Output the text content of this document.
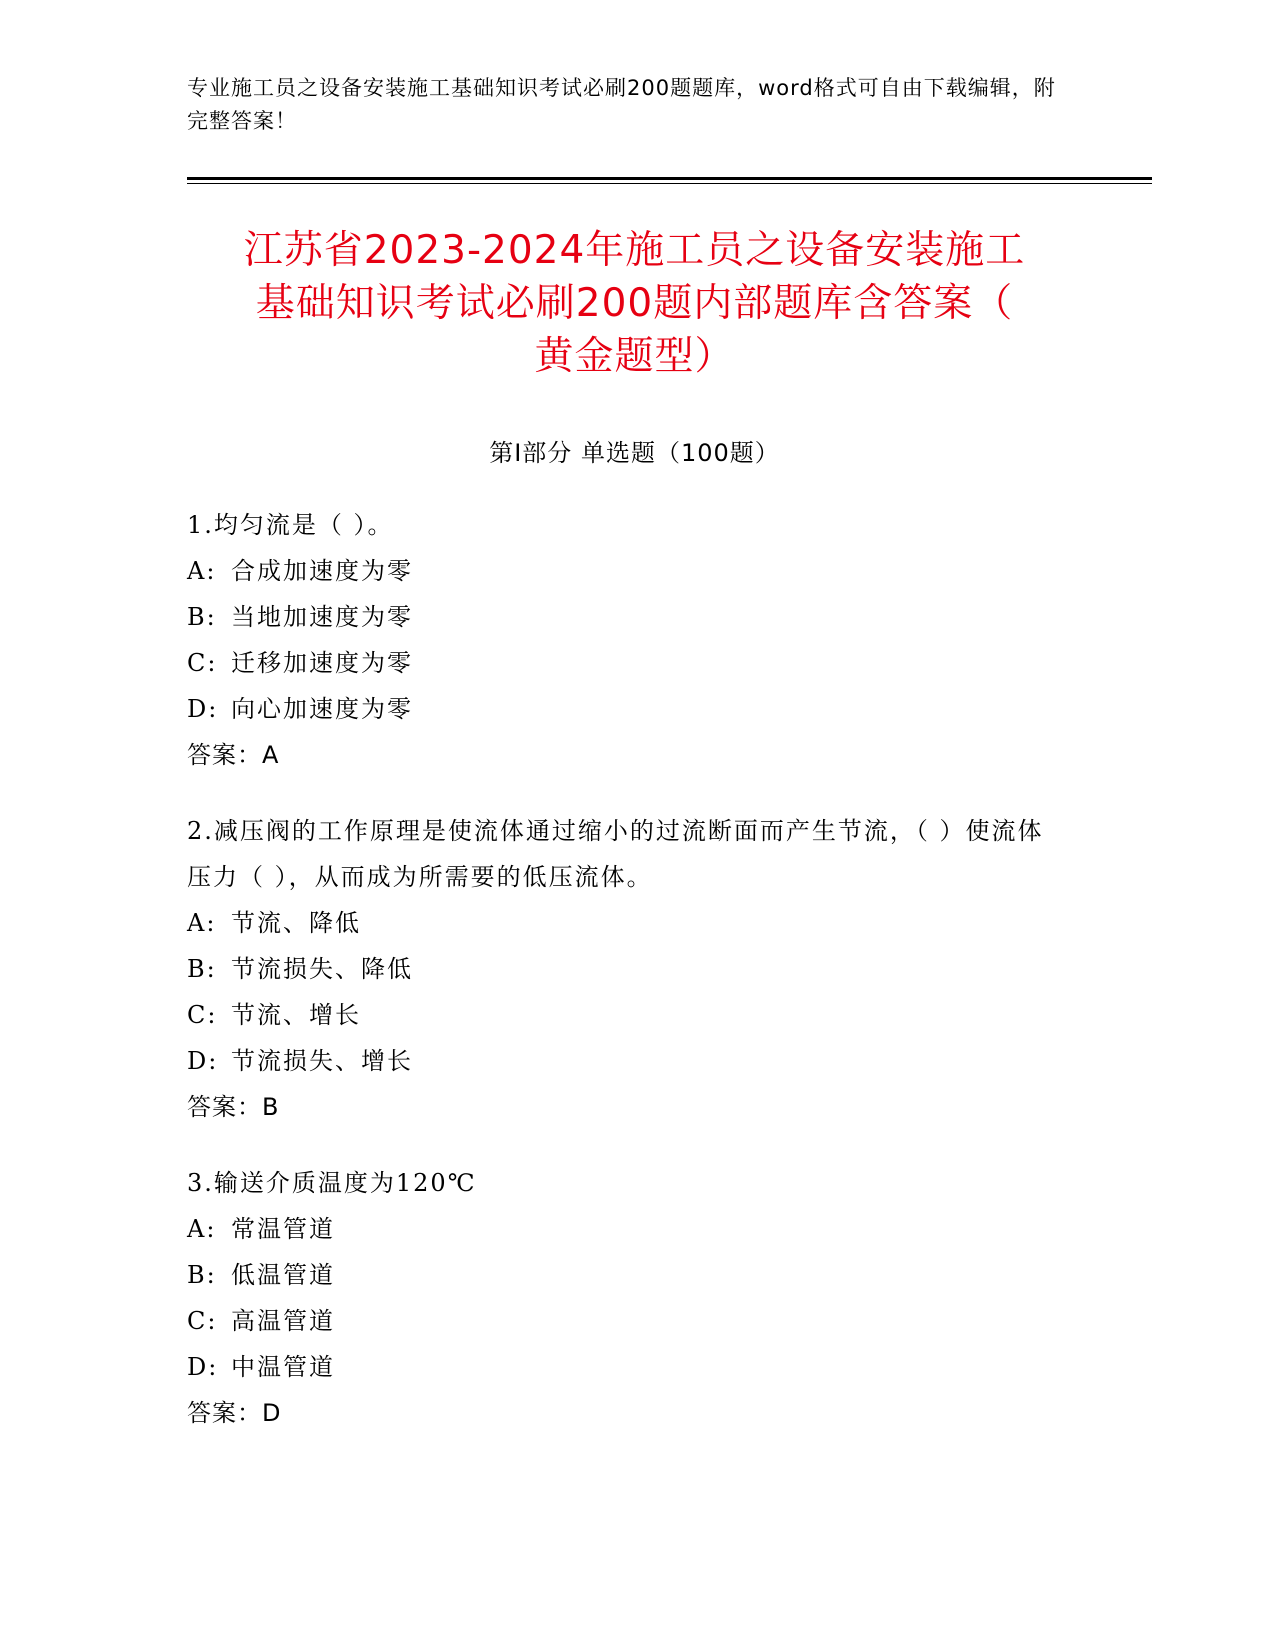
专业施工员之设备安装施工基础知识考试必刷200题题库，word格式可自由下载编辑，附完整答案！
江苏省2023-2024年施工员之设备安装施工
基础知识考试必刷200题内部题库含答案（
黄金题型）
第Ⅰ部分 单选题（100题）

1.均匀流是（ ）。

A: 合成加速度为零

B: 当地加速度为零

C: 迁移加速度为零

D: 向心加速度为零

答案：A

2.减压阀的工作原理是使流体通过缩小的过流断面而产生节流，（ ）使流体压力（ ），从而成为所需要的低压流体。

A: 节流、降低

B: 节流损失、降低

C: 节流、增长

D: 节流损失、增长

答案：B

3.输送介质温度为120℃

A: 常温管道

B: 低温管道

C: 高温管道

D: 中温管道

答案：D
